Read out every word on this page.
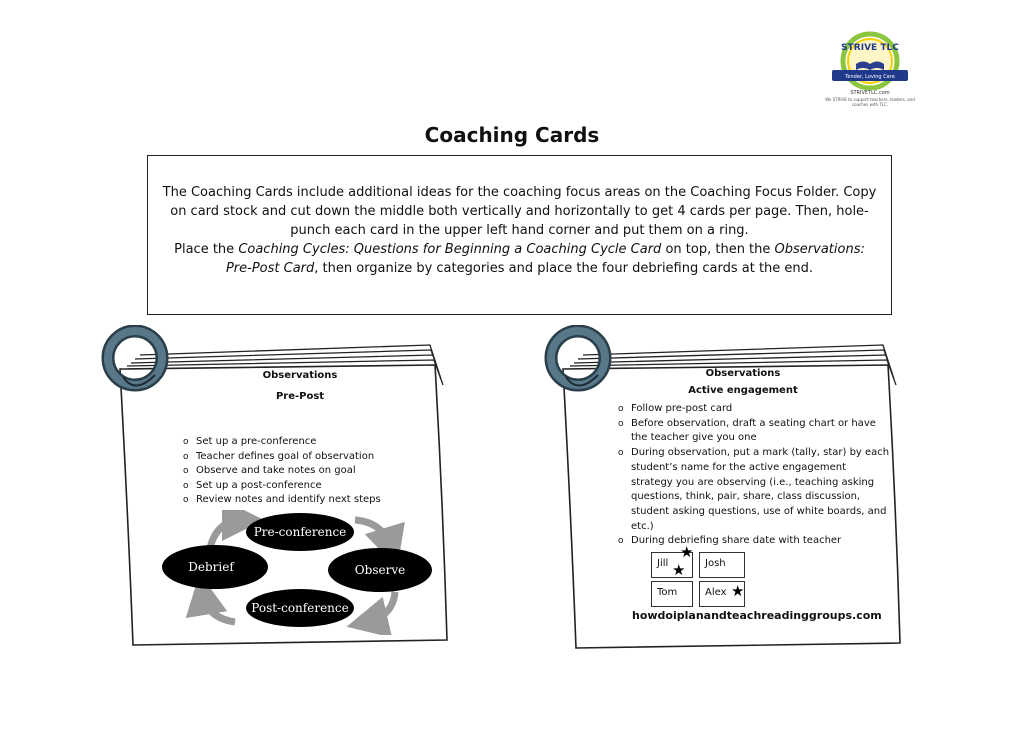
STRIVE TLC
Tender, Loving Care
STRIVETLC.com
We STRIVE to support teachers, leaders, and coaches with TLC.
Coaching Cards
The Coaching Cards include additional ideas for the coaching focus areas on the Coaching Focus Folder. Copy on card stock and cut down the middle both vertically and horizontally to get 4 cards per page. Then, hole-punch each card in the upper left hand corner and put them on a ring.
Place the Coaching Cycles: Questions for Beginning a Coaching Cycle Card on top, then the Observations: Pre-Post Card, then organize by categories and place the four debriefing cards at the end.
Observations
Pre-Post
o Set up a pre-conference
o Teacher defines goal of observation
o Observe and take notes on goal
o Set up a post-conference
o Review notes and identify next steps
Pre-conference
Observe
Post-conference
Debrief
Observations
Active engagement
o Follow pre-post card
o Before observation, draft a seating chart or have the teacher give you one
o During observation, put a mark (tally, star) by each student’s name for the active engagement strategy you are observing (i.e., teaching asking questions, think, pair, share, class discussion, student asking questions, use of white boards, and etc.)
o During debriefing share date with teacher
Jill	Josh
Tom	Alex
★
★
★
howdoiplanandteachreadinggroups.com
